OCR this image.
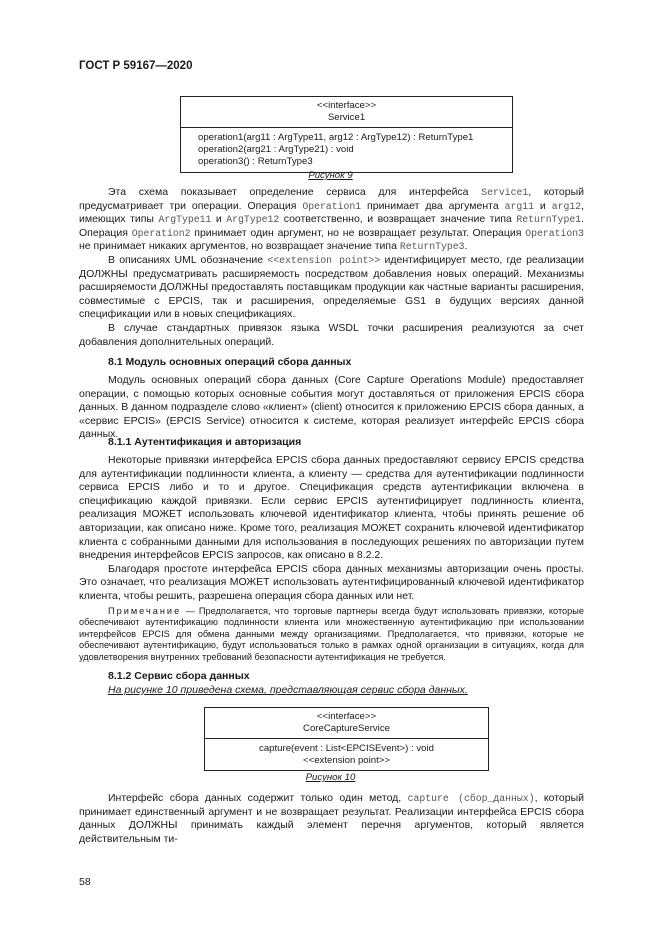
ГОСТ Р 59167—2020
<<interface>>
Service1
operation1(arg11 : ArgType11, arg12 : ArgType12) : ReturnType1
operation2(arg21 : ArgType21) : void
operation3() : ReturnType3
Рисунок 9

Эта схема показывает определение сервиса для интерфейса Service1, который предусматривает три операции. Операция Operation1 принимает два аргумента arg11 и arg12, имеющих типы ArgType11 и ArgType12 соответственно, и возвращает значение типа ReturnType1. Операция Operation2 принимает один аргумент, но не возвращает результат. Операция Operation3 не принимает никаких аргументов, но возвращает значение типа ReturnType3.

В описаниях UML обозначение <<extension point>> идентифицирует место, где реализации ДОЛЖНЫ предусматривать расширяемость посредством добавления новых операций. Механизмы расширяемости ДОЛЖНЫ предоставлять поставщикам продукции как частные варианты расширения, совместимые с EPCIS, так и расширения, определяемые GS1 в будущих версиях данной спецификации или в новых спецификациях.

В случае стандартных привязок языка WSDL точки расширения реализуются за счет добавления дополнительных операций.

8.1 Модуль основных операций сбора данных

Модуль основных операций сбора данных (Core Capture Operations Module) предоставляет операции, с помощью которых основные события могут доставляться от приложения EPCIS сбора данных. В данном подразделе слово «клиент» (client) относится к приложению EPCIS сбора данных, а «сервис EPCIS» (EPCIS Service) относится к системе, которая реализует интерфейс EPCIS сбора данных.

8.1.1 Аутентификация и авторизация

Некоторые привязки интерфейса EPCIS сбора данных предоставляют сервису EPCIS средства для аутентификации подлинности клиента, а клиенту — средства для аутентификации подлинности сервиса EPCIS либо и то и другое. Спецификация средств аутентификации включена в спецификацию каждой привязки. Если сервис EPCIS аутентифицирует подлинность клиента, реализация МОЖЕТ использовать ключевой идентификатор клиента, чтобы принять решение об авторизации, как описано ниже. Кроме того, реализация МОЖЕТ сохранить ключевой идентификатор клиента с собранными данными для использования в последующих решениях по авторизации путем внедрения интерфейсов EPCIS запросов, как описано в 8.2.2.

Благодаря простоте интерфейса EPCIS сбора данных механизмы авторизации очень просты. Это означает, что реализация МОЖЕТ использовать аутентифицированный ключевой идентификатор клиента, чтобы решить, разрешена операция сбора данных или нет.

Примечание — Предполагается, что торговые партнеры всегда будут использовать привязки, которые обеспечивают аутентификацию подлинности клиента или множественную аутентификацию при использовании интерфейсов EPCIS для обмена данными между организациями. Предполагается, что привязки, которые не обеспечивают аутентификацию, будут использоваться только в рамках одной организации в ситуациях, когда для удовлетворения внутренних требований безопасности аутентификация не требуется.

8.1.2 Сервис сбора данных
На рисунке 10 приведена схема, представляющая сервис сбора данных.
<<interface>>
CoreCaptureService
capture(event : List<EPCISEvent>) : void
<<extension point>>
Рисунок 10

Интерфейс сбора данных содержит только один метод, capture (сбор_данных), который принимает единственный аргумент и не возвращает результат. Реализации интерфейса EPCIS сбора данных ДОЛЖНЫ принимать каждый элемент перечня аргументов, который является действительным ти-

58
